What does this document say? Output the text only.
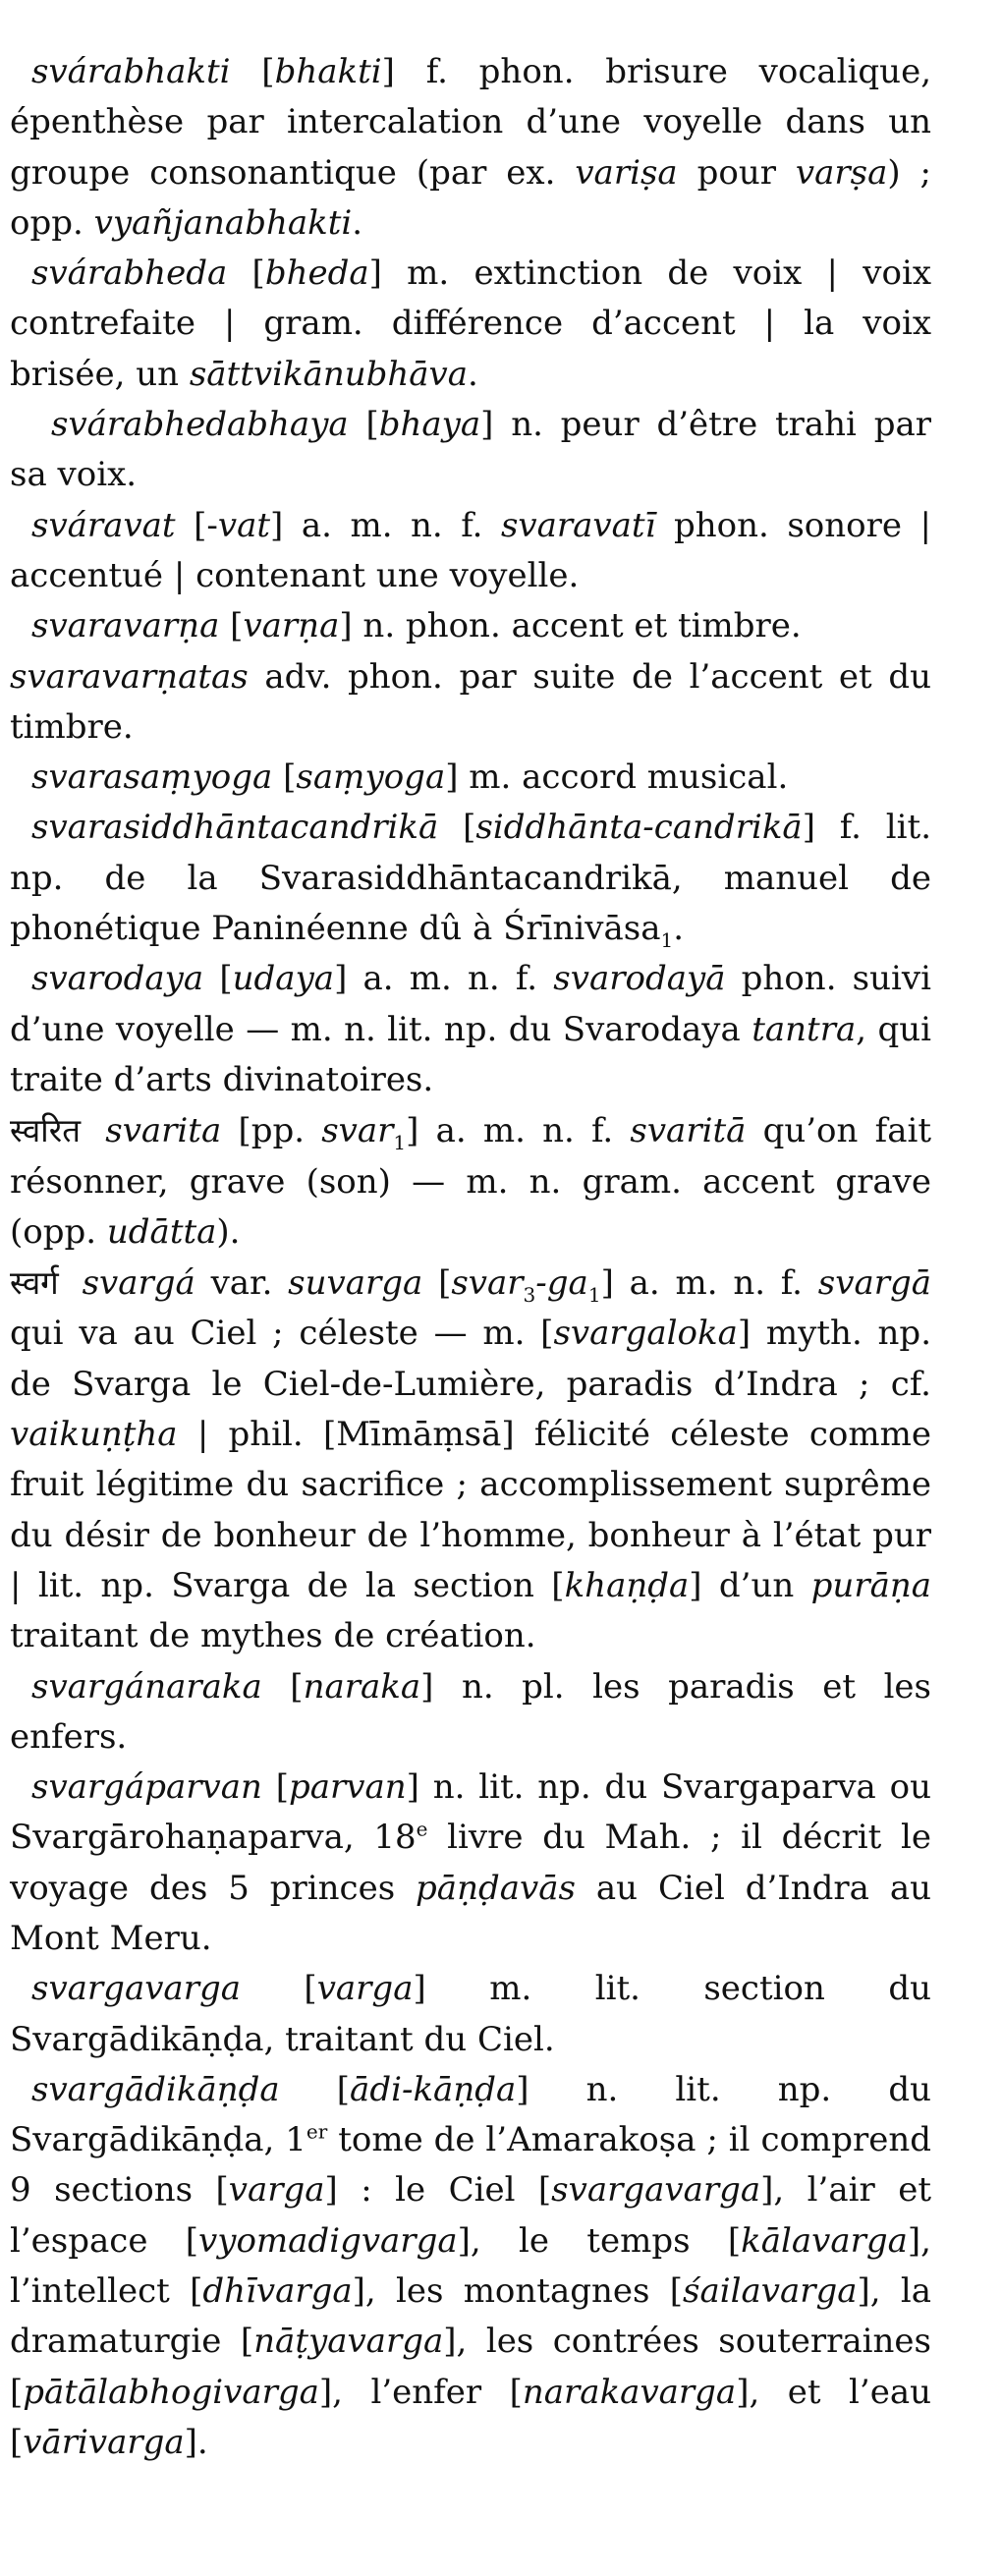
svárabhakti [bhakti] f. phon. brisure vocalique, épenthèse par intercalation d’une voyelle dans un groupe consonantique (par ex. variṣa pour varṣa) ; opp. vyañjanabhakti.

svárabheda [bheda] m. extinction de voix | voix contrefaite | gram. différence d’accent | la voix brisée, un sāttvikānubhāva.

svárabhedabhaya [bhaya] n. peur d’être trahi par sa voix.

sváravat [-vat] a. m. n. f. svaravatī phon. sonore | accentué | contenant une voyelle.

svaravarṇa [varṇa] n. phon. accent et timbre.

svaravarṇatas adv. phon. par suite de l’accent et du timbre.

svarasaṃyoga [saṃyoga] m. accord musical.

svarasiddhāntacandrikā [siddhānta-candrikā] f. lit. np. de la Svarasiddhāntacandrikā, manuel de phonétique Paninéenne dû à Śrīnivāsa$_1$.

svarodaya [udaya] a. m. n. f. svarodayā phon. suivi d’une voyelle — m. n. lit. np. du Svarodaya tantra, qui traite d’arts divinatoires.

स्वरित svarita [pp. svar$_1$] a. m. n. f. svaritā qu’on fait résonner, grave (son) — m. n. gram. accent grave (opp. udātta).

स्वर्ग svargá var. suvarga $[svar_3-ga_1]$ a. m. n. f. svargā qui va au Ciel ; céleste — m. [svargaloka] myth. np. de Svarga le Ciel-de-Lumière, paradis d’Indra ; cf. vaikuṇṭha | phil. [Mīmāṃsā] félicité céleste comme fruit légitime du sacrifice ; accomplissement suprême du désir de bonheur de l’homme, bonheur à l’état pur | lit. np. Svarga de la section [khaṇḍa] d’un purāṇa traitant de mythes de création.

svargánaraka [naraka] n. pl. les paradis et les enfers.

svargáparvan [parvan] n. lit. np. du Svargaparva ou Svargārohaṇaparva, 18e livre du Mah. ; il décrit le voyage des 5 princes pāṇḍavās au Ciel d’Indra au Mont Meru.

svargavarga [varga] m. lit. section du Svargādikāṇḍa, traitant du Ciel.

svargādikāṇḍa [ādi-kāṇḍa] n. lit. np. du Svargādikāṇḍa, 1er tome de l’Amarakoṣa ; il comprend 9 sections [varga] : le Ciel [svargavarga], l’air et l’espace [vyomadigvarga], le temps [kālavarga], l’intellect [dhīvarga], les montagnes [śailavarga], la dramaturgie [nāṭyavarga], les contrées souterraines [pātālabhogivarga], l’enfer [narakavarga], et l’eau [vārivarga].
